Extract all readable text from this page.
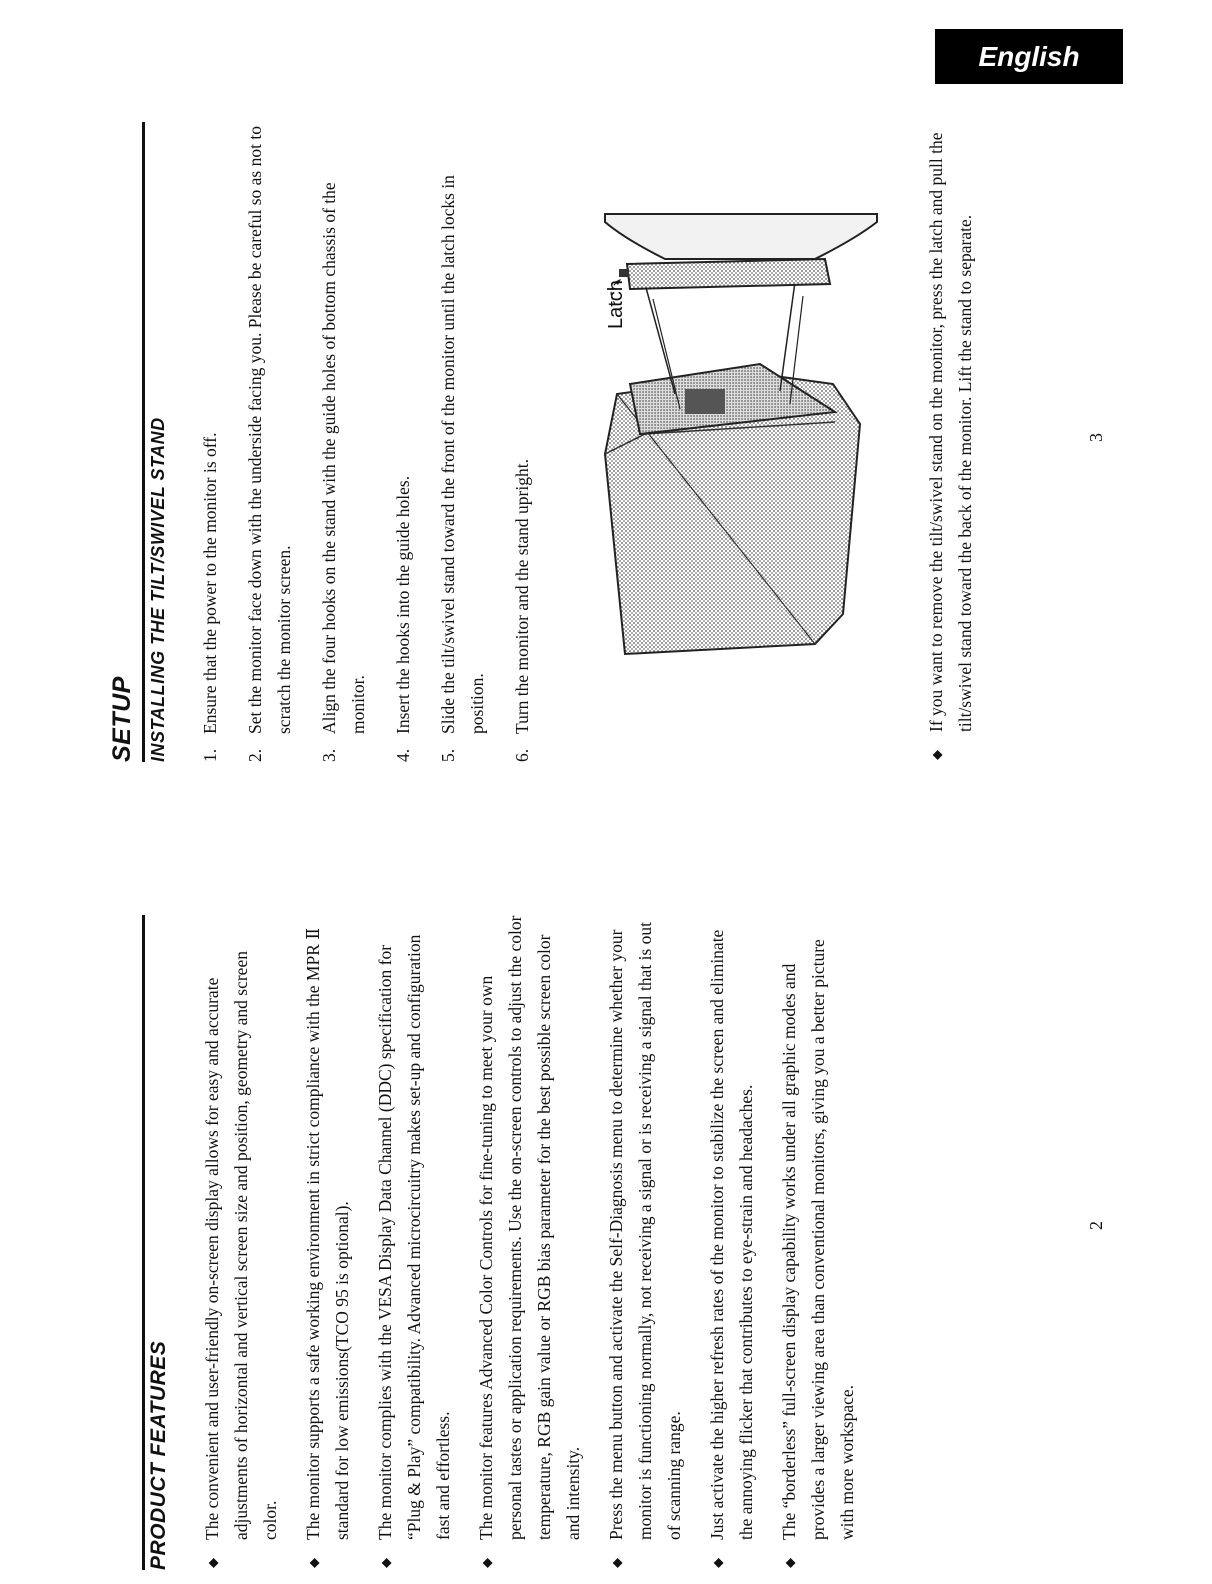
English
PRODUCT FEATURES	◆
The convenient and user-friendly on-screen display allows for easy and accurate adjustments of horizontal and vertical screen size and position, geometry and screen color.
◆
The monitor supports a safe working environment in strict compliance with the MPR Ⅱ standard for low emissions(TCO 95 is optional).
◆
The monitor complies with the VESA Display Data Channel (DDC) specification for “Plug & Play” compatibility. Advanced microcircuitry makes set-up and configuration fast and effortless.
◆
The monitor features Advanced Color Controls for fine-tuning to meet your own personal tastes or application requirements. Use the on-screen controls to adjust the color temperature, RGB gain value or RGB bias parameter for the best possible screen color and intensity.
◆
Press the menu button and activate the Self-Diagnosis menu to determine whether your monitor is functioning normally, not receiving a signal or is receiving a signal that is out of scanning range.
◆
Just activate the higher refresh rates of the monitor to stabilize the screen and eliminate the annoying flicker that contributes to eye-strain and headaches.
◆
The “borderless” full-screen display capability works under all graphic modes and provides a larger viewing area than conventional monitors, giving you a better picture with more workspace.
2
SETUP INSTALLING THE TILT/SWIVEL STAND 1.
Ensure that the power to the monitor is off.
2.
Set the monitor face down with the underside facing you. Please be careful so as not to scratch the monitor screen.
3.
Align the four hooks on the stand with the guide holes of bottom chassis of the monitor.
4.
Insert the hooks into the guide holes.
5.
Slide the tilt/swivel stand toward the front of the monitor until the latch locks in position.
6.
Turn the monitor and the stand upright.
Latch
◆
If you want to remove the tilt/swivel stand on the monitor, press the latch and pull the tilt/swivel stand toward the back of the monitor. Lift the stand to separate.	3
